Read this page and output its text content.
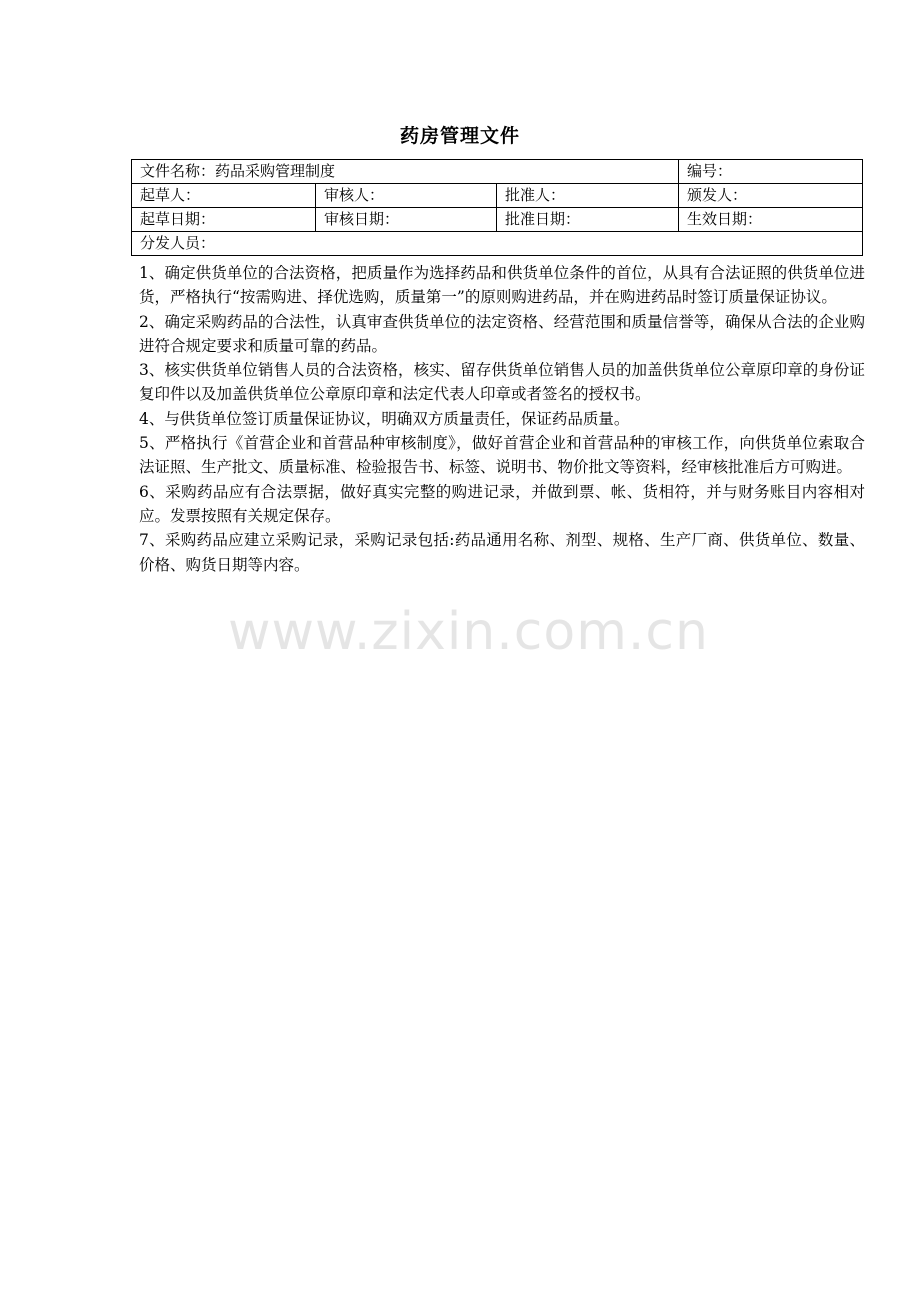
药房管理文件
文件名称：药品采购管理制度			编号：
起草人：	审核人：	批准人：	颁发人：
起草日期：	审核日期：	批准日期：	生效日期：
分发人员：			

1、确定供货单位的合法资格，把质量作为选择药品和供货单位条件的首位，从具有合法证照的供货单位进货，严格执行“按需购进、择优选购，质量第一”的原则购进药品，并在购进药品时签订质量保证协议。

2、确定采购药品的合法性，认真审查供货单位的法定资格、经营范围和质量信誉等，确保从合法的企业购进符合规定要求和质量可靠的药品。

3、核实供货单位销售人员的合法资格，核实、留存供货单位销售人员的加盖供货单位公章原印章的身份证复印件以及加盖供货单位公章原印章和法定代表人印章或者签名的授权书。

4、与供货单位签订质量保证协议，明确双方质量责任，保证药品质量。

5、严格执行《首营企业和首营品种审核制度》，做好首营企业和首营品种的审核工作，向供货单位索取合法证照、生产批文、质量标准、检验报告书、标签、说明书、物价批文等资料，经审核批准后方可购进。

6、采购药品应有合法票据，做好真实完整的购进记录，并做到票、帐、货相符，并与财务账目内容相对应。发票按照有关规定保存。

7、采购药品应建立采购记录，采购记录包括:药品通用名称、剂型、规格、生产厂商、供货单位、数量、价格、购货日期等内容。

www.zixin.com.cn
